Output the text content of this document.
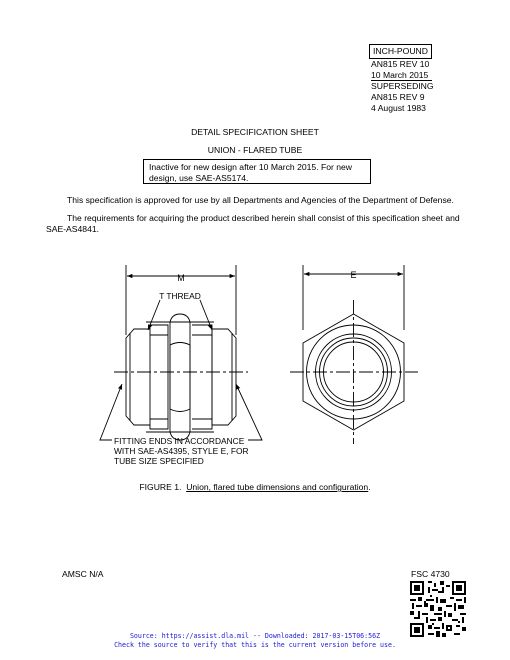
INCH-POUND
AN815 REV 10
10 March 2015
SUPERSEDING
AN815 REV 9
4 August 1983
DETAIL SPECIFICATION SHEET
UNION - FLARED TUBE
Inactive for new design after 10 March 2015. For new design, use SAE-AS5174.
This specification is approved for use by all Departments and Agencies of the Department of Defense.
The requirements for acquiring the product described herein shall consist of this specification sheet and SAE-AS4841.
M	E
T THREAD
FITTING ENDS IN ACCORDANCE
WITH SAE-AS4395, STYLE E, FOR
TUBE SIZE SPECIFIED
FIGURE 1. Union, flared tube dimensions and configuration.
AMSC N/A	FSC 4730
Source: https://assist.dla.mil -- Downloaded: 2017-03-15T06:56Z
Check the source to verify that this is the current version before use.
